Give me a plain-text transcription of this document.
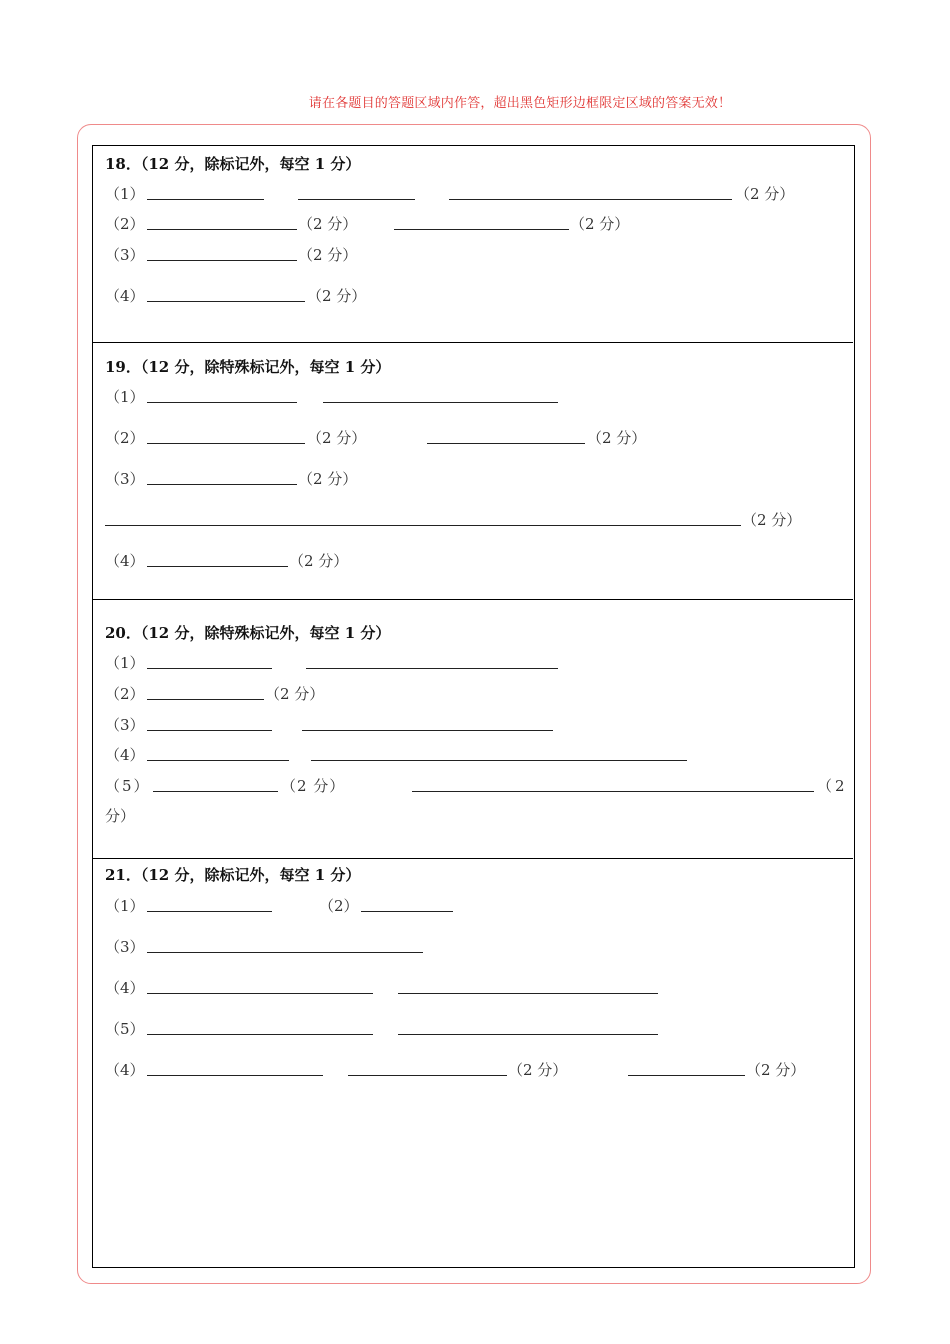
请在各题目的答题区域内作答，超出黑色矩形边框限定区域的答案无效！
18．（12 分，除标记外，每空 1 分）
（1）	（2 分）
（2）	（2 分）	（2 分）
（3）	（2 分）
（4）	（2 分）
19．（12 分，除特殊标记外，每空 1 分）
（1）
（2）	（2 分）	（2 分）
（3）	（2 分）
（2 分）
（4）	（2 分）
20．（12 分，除特殊标记外，每空 1 分）
（1）
（2）	（2 分）
（3）
（4）
（5）	（2 分）	（2
分）
21．（12 分，除标记外，每空 1 分）
（1）	（2）
（3）
（4）
（5）
（4）	（2 分）	（2 分）
